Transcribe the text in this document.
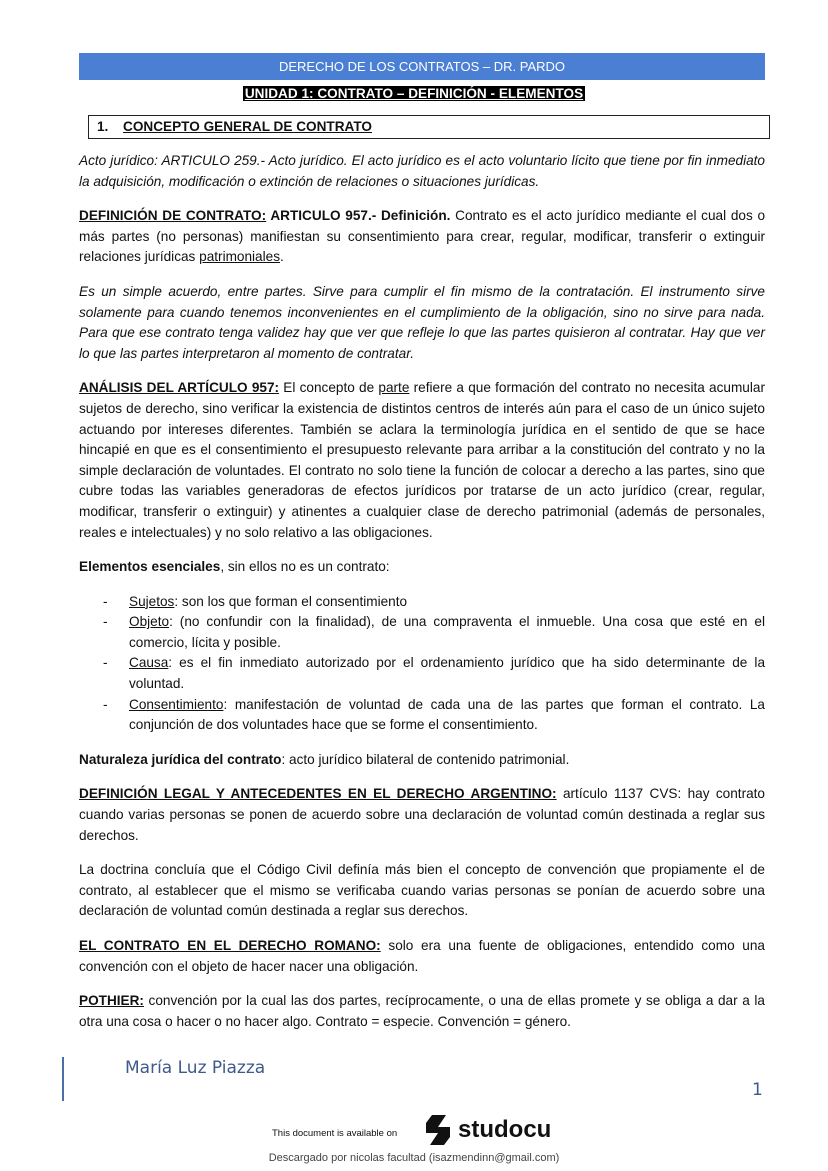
DERECHO DE LOS CONTRATOS – DR. PARDO
UNIDAD 1: CONTRATO – DEFINICIÓN - ELEMENTOS
1. CONCEPTO GENERAL DE CONTRATO

Acto jurídico: ARTICULO 259.- Acto jurídico. El acto jurídico es el acto voluntario lícito que tiene por fin inmediato la adquisición, modificación o extinción de relaciones o situaciones jurídicas.

DEFINICIÓN DE CONTRATO: ARTICULO 957.- Definición. Contrato es el acto jurídico mediante el cual dos o más partes (no personas) manifiestan su consentimiento para crear, regular, modificar, transferir o extinguir relaciones jurídicas patrimoniales.

Es un simple acuerdo, entre partes. Sirve para cumplir el fin mismo de la contratación. El instrumento sirve solamente para cuando tenemos inconvenientes en el cumplimiento de la obligación, sino no sirve para nada. Para que ese contrato tenga validez hay que ver que refleje lo que las partes quisieron al contratar. Hay que ver lo que las partes interpretaron al momento de contratar.

ANÁLISIS DEL ARTÍCULO 957: El concepto de parte refiere a que formación del contrato no necesita acumular sujetos de derecho, sino verificar la existencia de distintos centros de interés aún para el caso de un único sujeto actuando por intereses diferentes. También se aclara la terminología jurídica en el sentido de que se hace hincapié en que es el consentimiento el presupuesto relevante para arribar a la constitución del contrato y no la simple declaración de voluntades. El contrato no solo tiene la función de colocar a derecho a las partes, sino que cubre todas las variables generadoras de efectos jurídicos por tratarse de un acto jurídico (crear, regular, modificar, transferir o extinguir) y atinentes a cualquier clase de derecho patrimonial (además de personales, reales e intelectuales) y no solo relativo a las obligaciones.

Elementos esenciales, sin ellos no es un contrato:

- Sujetos: son los que forman el consentimiento
- Objeto: (no confundir con la finalidad), de una compraventa el inmueble. Una cosa que esté en el comercio, lícita y posible.
- Causa: es el fin inmediato autorizado por el ordenamiento jurídico que ha sido determinante de la voluntad.
- Consentimiento: manifestación de voluntad de cada una de las partes que forman el contrato. La conjunción de dos voluntades hace que se forme el consentimiento.

Naturaleza jurídica del contrato: acto jurídico bilateral de contenido patrimonial.

DEFINICIÓN LEGAL Y ANTECEDENTES EN EL DERECHO ARGENTINO: artículo 1137 CVS: hay contrato cuando varias personas se ponen de acuerdo sobre una declaración de voluntad común destinada a reglar sus derechos.

La doctrina concluía que el Código Civil definía más bien el concepto de convención que propiamente el de contrato, al establecer que el mismo se verificaba cuando varias personas se ponían de acuerdo sobre una declaración de voluntad común destinada a reglar sus derechos.

EL CONTRATO EN EL DERECHO ROMANO: solo era una fuente de obligaciones, entendido como una convención con el objeto de hacer nacer una obligación.

POTHIER: convención por la cual las dos partes, recíprocamente, o una de ellas promete y se obliga a dar a la otra una cosa o hacer o no hacer algo. Contrato = especie. Convención = género.

María Luz Piazza
1
This document is available on	studocu
Descargado por nicolas facultad (isazmendinn@gmail.com)
